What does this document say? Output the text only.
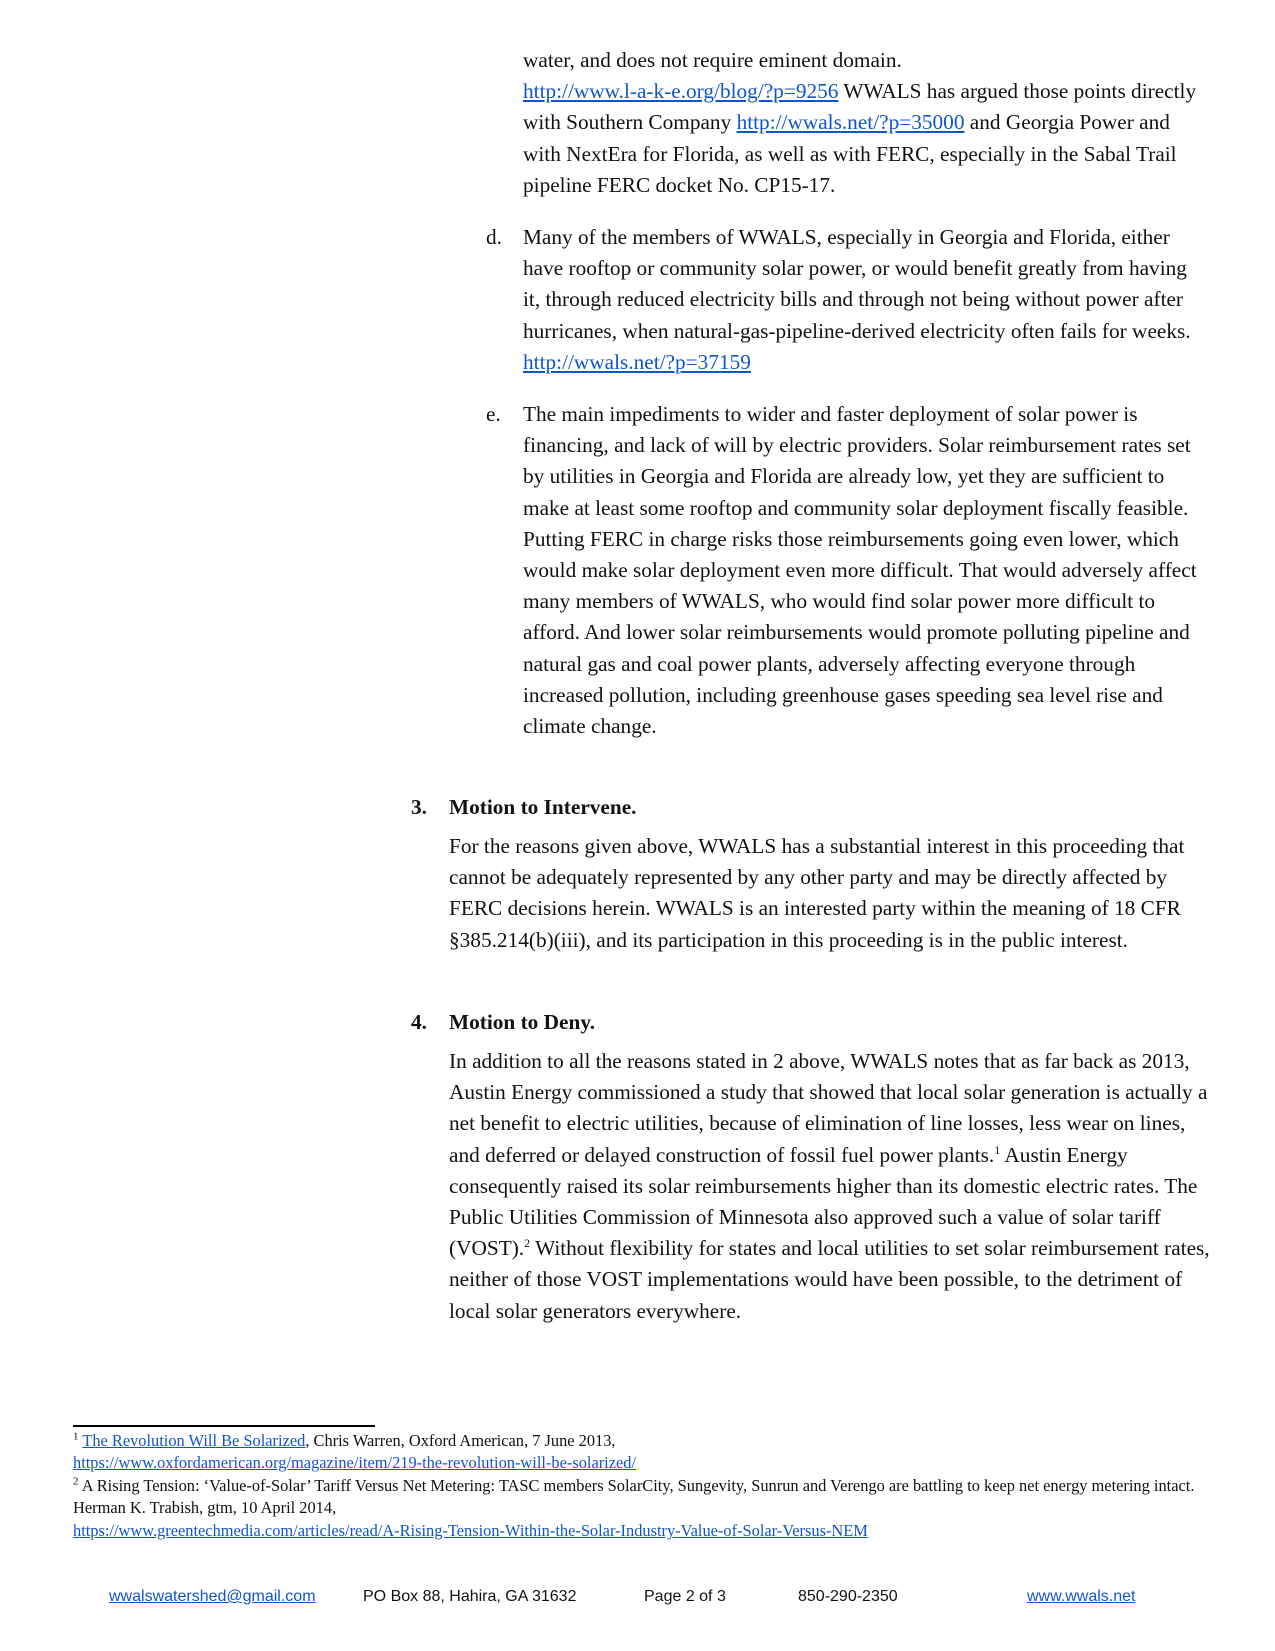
water, and does not require eminent domain.
http://www.l-a-k-e.org/blog/?p=9256 WWALS has argued those points directly with Southern Company http://wwals.net/?p=35000 and Georgia Power and with NextEra for Florida, as well as with FERC, especially in the Sabal Trail pipeline FERC docket No. CP15-17.

d. Many of the members of WWALS, especially in Georgia and Florida, either have rooftop or community solar power, or would benefit greatly from having it, through reduced electricity bills and through not being without power after hurricanes, when natural-gas-pipeline-derived electricity often fails for weeks. http://wwals.net/?p=37159

e. The main impediments to wider and faster deployment of solar power is financing, and lack of will by electric providers. Solar reimbursement rates set by utilities in Georgia and Florida are already low, yet they are sufficient to make at least some rooftop and community solar deployment fiscally feasible. Putting FERC in charge risks those reimbursements going even lower, which would make solar deployment even more difficult. That would adversely affect many members of WWALS, who would find solar power more difficult to afford. And lower solar reimbursements would promote polluting pipeline and natural gas and coal power plants, adversely affecting everyone through increased pollution, including greenhouse gases speeding sea level rise and climate change.

3. Motion to Intervene.

For the reasons given above, WWALS has a substantial interest in this proceeding that cannot be adequately represented by any other party and may be directly affected by FERC decisions herein. WWALS is an interested party within the meaning of 18 CFR §385.214(b)(iii), and its participation in this proceeding is in the public interest.

4. Motion to Deny.

In addition to all the reasons stated in 2 above, WWALS notes that as far back as 2013, Austin Energy commissioned a study that showed that local solar generation is actually a net benefit to electric utilities, because of elimination of line losses, less wear on lines, and deferred or delayed construction of fossil fuel power plants.$^1$ Austin Energy consequently raised its solar reimbursements higher than its domestic electric rates. The Public Utilities Commission of Minnesota also approved such a value of solar tariff (VOST).$^2$ Without flexibility for states and local utilities to set solar reimbursement rates, neither of those VOST implementations would have been possible, to the detriment of local solar generators everywhere.

$^1$ The Revolution Will Be Solarized, Chris Warren, Oxford American, 7 June 2013,
https://www.oxfordamerican.org/magazine/item/219-the-revolution-will-be-solarized/

$^2$ A Rising Tension: ‘Value-of-Solar’ Tariff Versus Net Metering: TASC members SolarCity, Sungevity, Sunrun and Verengo are battling to keep net energy metering intact. Herman K. Trabish, gtm, 10 April 2014,
https://www.greentechmedia.com/articles/read/A-Rising-Tension-Within-the-Solar-Industry-Value-of-Solar-Versus-NEM

wwalswatershed@gmail.com	PO Box 88, Hahira, GA 31632	Page 2 of 3	850-290-2350	www.wwals.net
